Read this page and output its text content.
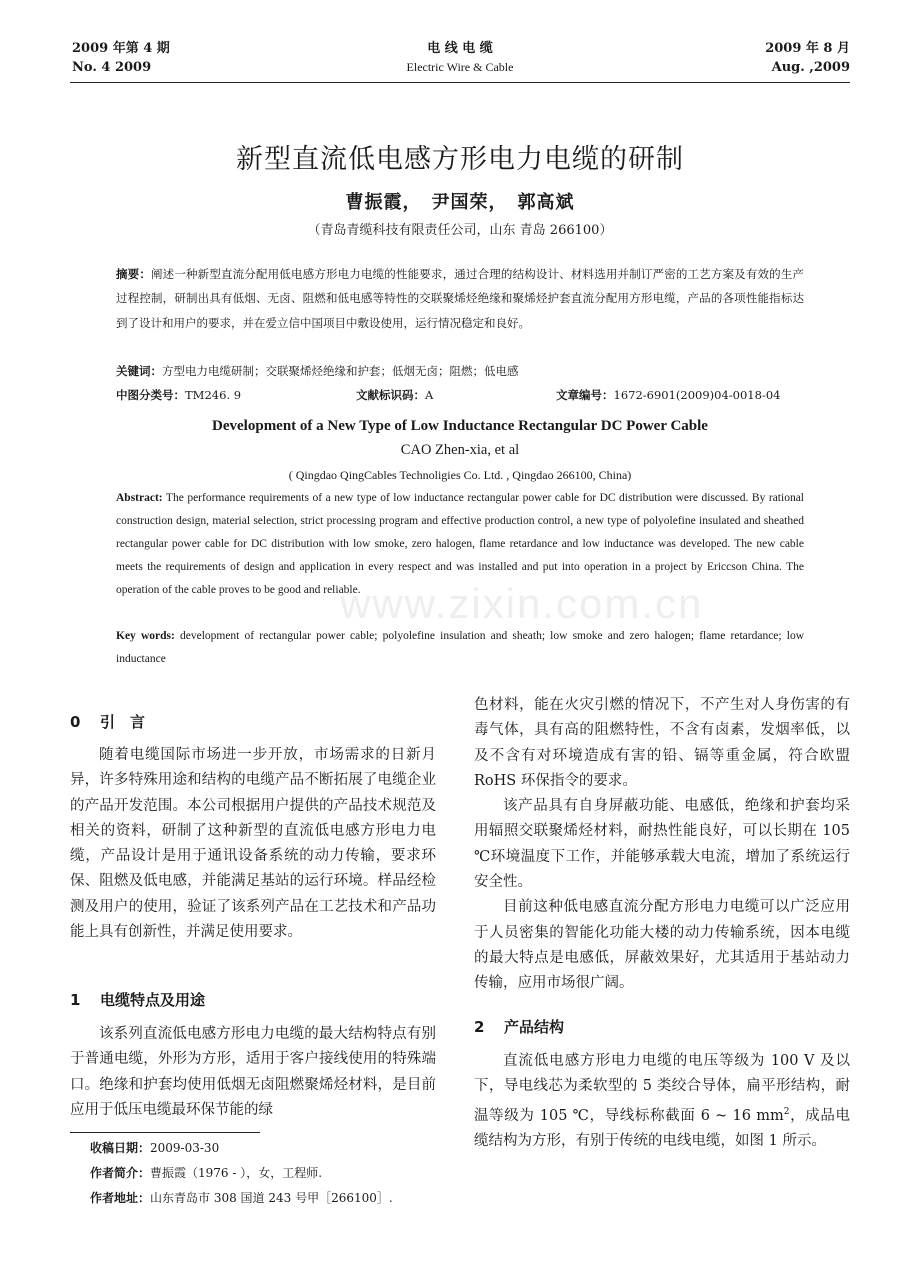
2009 年第 4 期
No. 4 2009
电 线 电 缆
Electric Wire & Cable
2009 年 8 月
Aug. ,2009
新型直流低电感方形电力电缆的研制
曹振霞，　尹国荣，　郭高斌
（青岛青缆科技有限责任公司，山东 青岛 266100）
摘要：阐述一种新型直流分配用低电感方形电力电缆的性能要求，通过合理的结构设计、材料选用并制订严密的工艺方案及有效的生产过程控制，研制出具有低烟、无卤、阻燃和低电感等特性的交联聚烯烃绝缘和聚烯烃护套直流分配用方形电缆，产品的各项性能指标达到了设计和用户的要求，并在爱立信中国项目中敷设使用，运行情况稳定和良好。
关键词：方型电力电缆研制；交联聚烯烃绝缘和护套；低烟无卤；阻燃；低电感
中图分类号：TM246. 9	文献标识码：A	文章编号：1672-6901(2009)04-0018-04
Development of a New Type of Low Inductance Rectangular DC Power Cable
CAO Zhen-xia, et al
( Qingdao QingCables Technoligies Co. Ltd. , Qingdao 266100, China)
Abstract: The performance requirements of a new type of low inductance rectangular power cable for DC distribution were discussed. By rational construction design, material selection, strict processing program and effective production control, a new type of polyolefine insulated and sheathed rectangular power cable for DC distribution with low smoke, zero halogen, flame retardance and low inductance was developed. The new cable meets the requirements of design and application in every respect and was installed and put into operation in a project by Ericcson China. The operation of the cable proves to be good and reliable.
Key words: development of rectangular power cable; polyolefine insulation and sheath; low smoke and zero halogen; flame retardance; low inductance
www.zixin.com.cn
0 引　言

随着电缆国际市场进一步开放，市场需求的日新月异，许多特殊用途和结构的电缆产品不断拓展了电缆企业的产品开发范围。本公司根据用户提供的产品技术规范及相关的资料，研制了这种新型的直流低电感方形电力电缆，产品设计是用于通讯设备系统的动力传输，要求环保、阻燃及低电感，并能满足基站的运行环境。样品经检测及用户的使用，验证了该系列产品在工艺技术和产品功能上具有创新性，并满足使用要求。

1 电缆特点及用途

该系列直流低电感方形电力电缆的最大结构特点有别于普通电缆，外形为方形，适用于客户接线使用的特殊端口。绝缘和护套均使用低烟无卤阻燃聚烯烃材料，是目前应用于低压电缆最环保节能的绿

收稿日期：2009-03-30
作者简介：曹振霞（1976 - ），女，工程师.
作者地址：山东青岛市 308 国道 243 号甲［266100］.

色材料，能在火灾引燃的情况下，不产生对人身伤害的有毒气体，具有高的阻燃特性，不含有卤素，发烟率低，以及不含有对环境造成有害的铅、镉等重金属，符合欧盟 RoHS 环保指令的要求。

该产品具有自身屏蔽功能、电感低，绝缘和护套均采用辐照交联聚烯烃材料，耐热性能良好，可以长期在 105 ℃环境温度下工作，并能够承载大电流，增加了系统运行安全性。

目前这种低电感直流分配方形电力电缆可以广泛应用于人员密集的智能化功能大楼的动力传输系统，因本电缆的最大特点是电感低，屏蔽效果好，尤其适用于基站动力传输，应用市场很广阔。

2 产品结构

直流低电感方形电力电缆的电压等级为 100 V 及以下，导电线芯为柔软型的 5 类绞合导体，扁平形结构，耐温等级为 105 ℃，导线标称截面 6 ~ 16 $mm^2$，成品电缆结构为方形，有别于传统的电线电缆，如图 1 所示。
